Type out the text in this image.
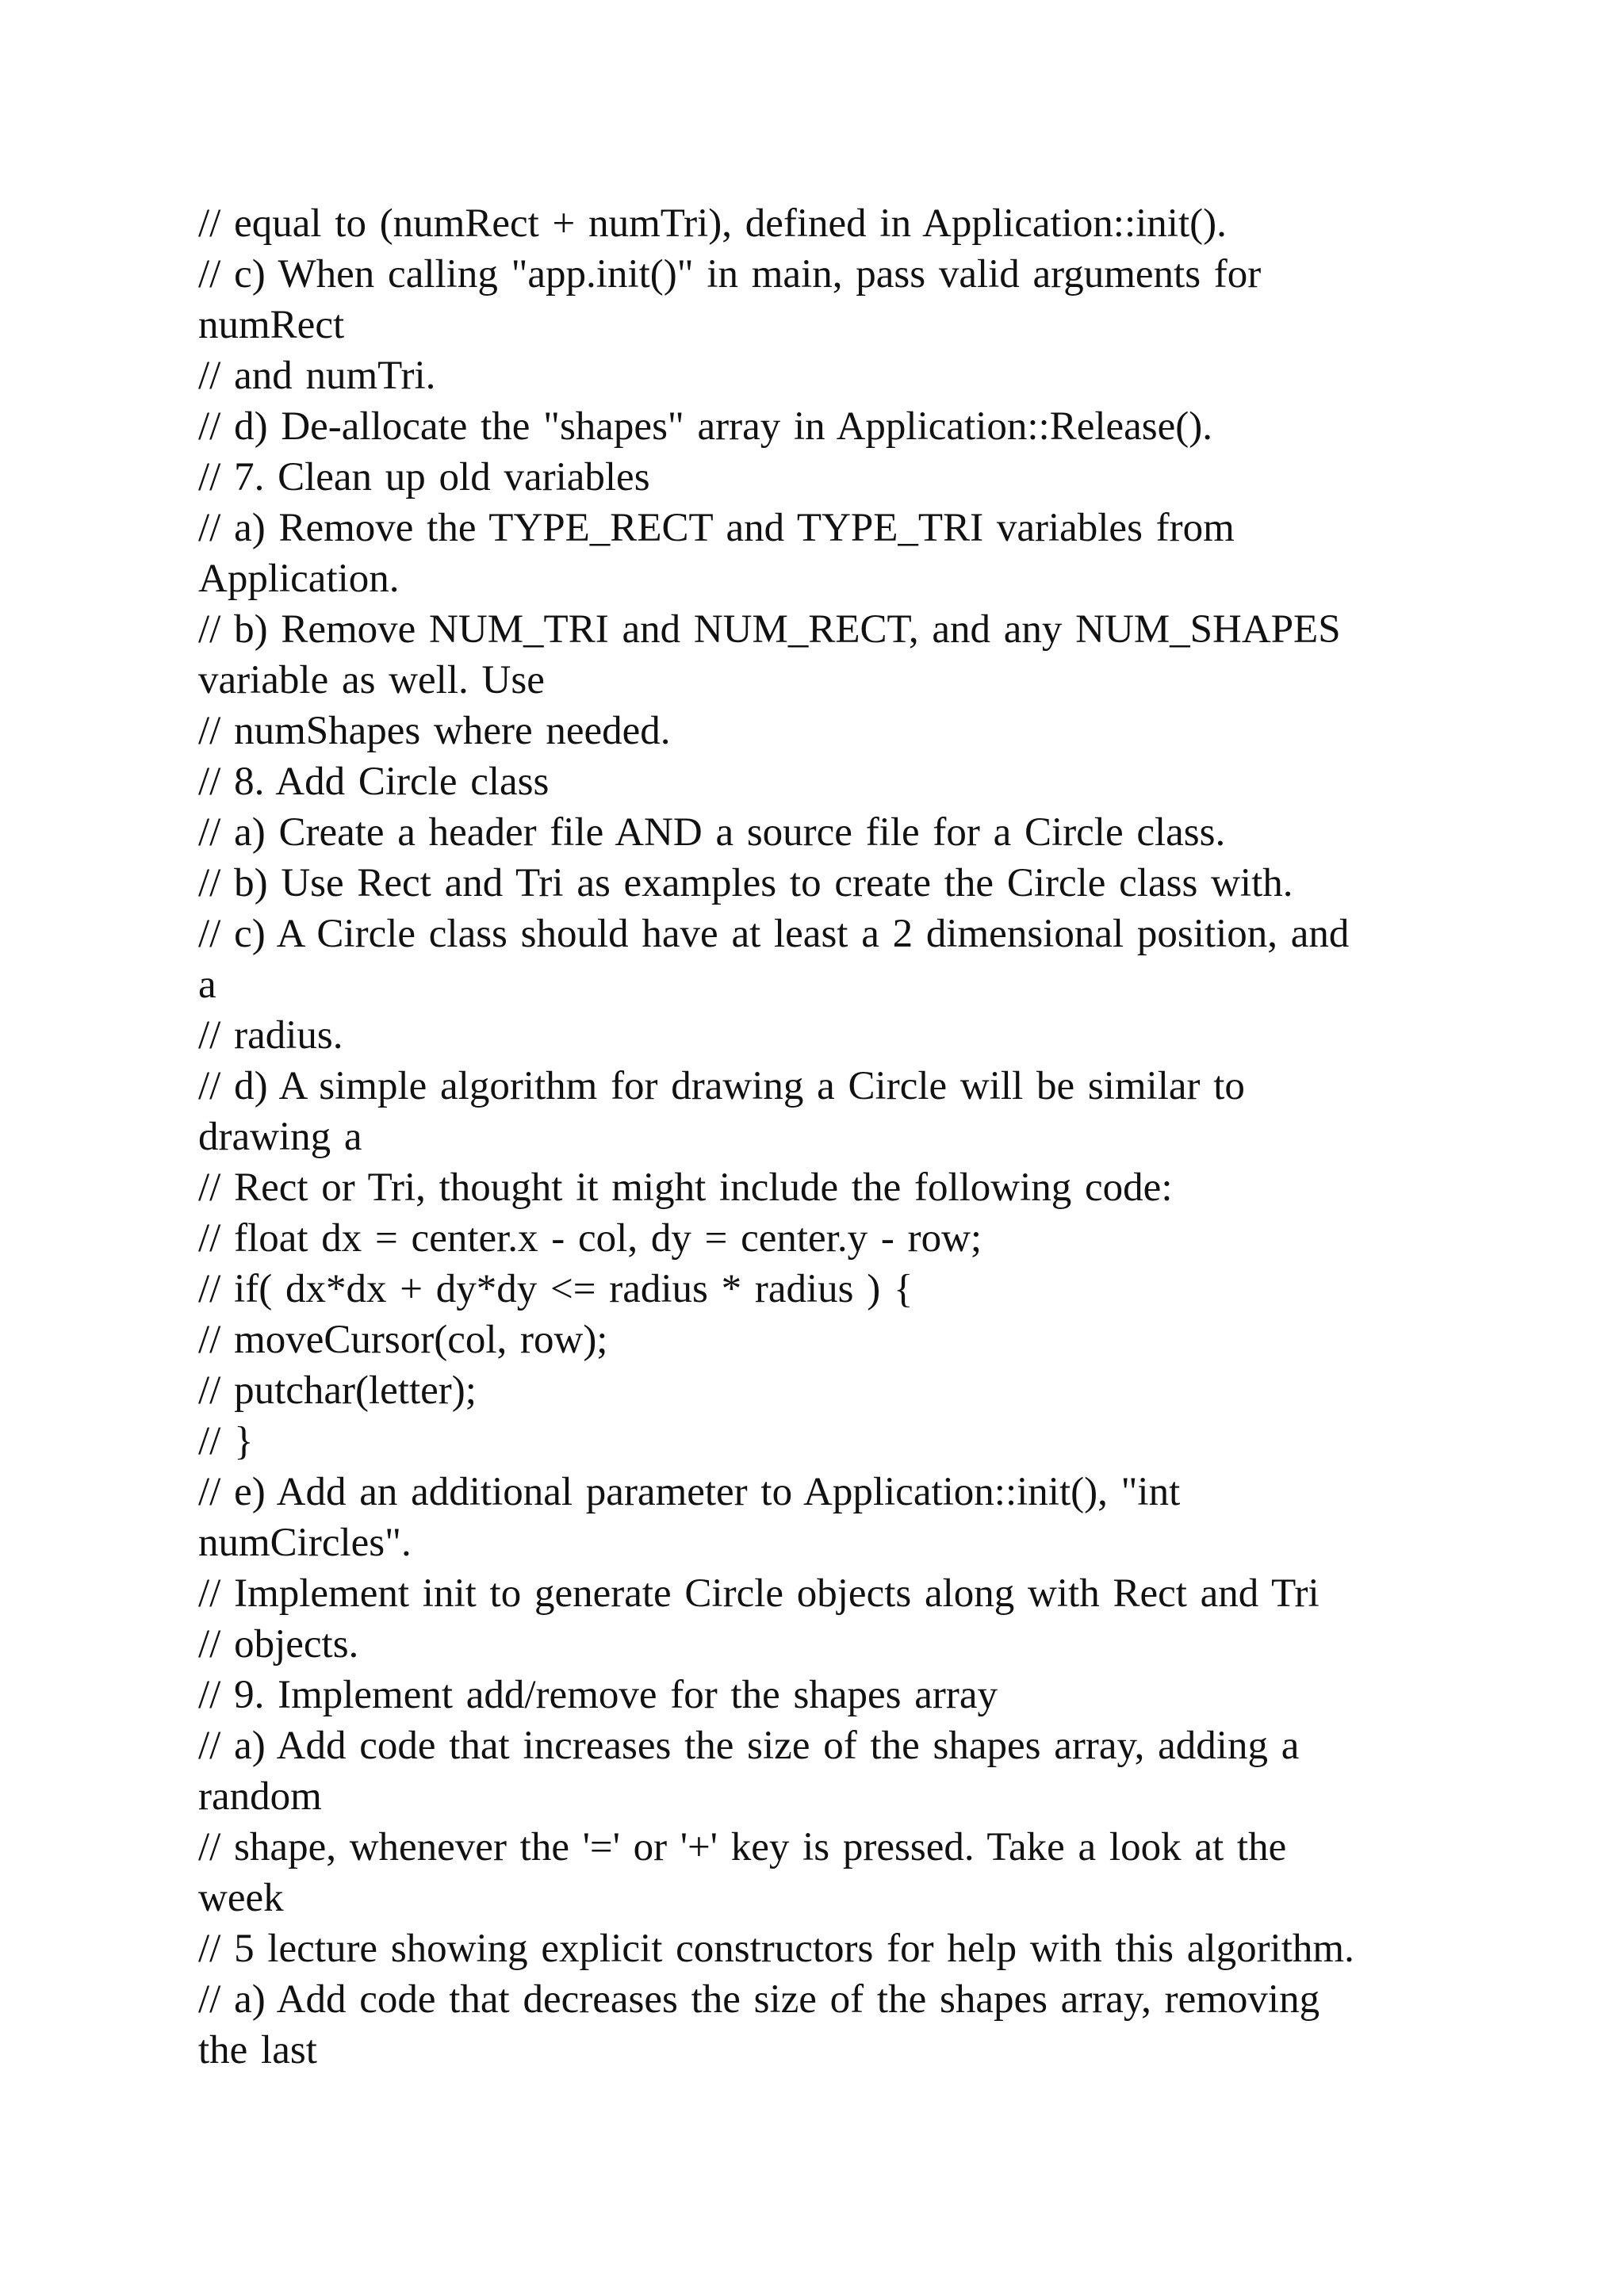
// equal to (numRect + numTri), defined in Application::init().
// c) When calling "app.init()" in main, pass valid arguments for
numRect
// and numTri.
// d) De-allocate the "shapes" array in Application::Release().
// 7. Clean up old variables
// a) Remove the TYPE_RECT and TYPE_TRI variables from
Application.
// b) Remove NUM_TRI and NUM_RECT, and any NUM_SHAPES
variable as well. Use
// numShapes where needed.
// 8. Add Circle class
// a) Create a header file AND a source file for a Circle class.
// b) Use Rect and Tri as examples to create the Circle class with.
// c) A Circle class should have at least a 2 dimensional position, and
a
// radius.
// d) A simple algorithm for drawing a Circle will be similar to
drawing a
// Rect or Tri, thought it might include the following code:
// float dx = center.x - col, dy = center.y - row;
// if( dx*dx + dy*dy <= radius * radius ) {
// moveCursor(col, row);
// putchar(letter);
// }
// e) Add an additional parameter to Application::init(), "int
numCircles".
// Implement init to generate Circle objects along with Rect and Tri
// objects.
// 9. Implement add/remove for the shapes array
// a) Add code that increases the size of the shapes array, adding a
random
// shape, whenever the '=' or '+' key is pressed. Take a look at the
week
// 5 lecture showing explicit constructors for help with this algorithm.
// a) Add code that decreases the size of the shapes array, removing
the last
